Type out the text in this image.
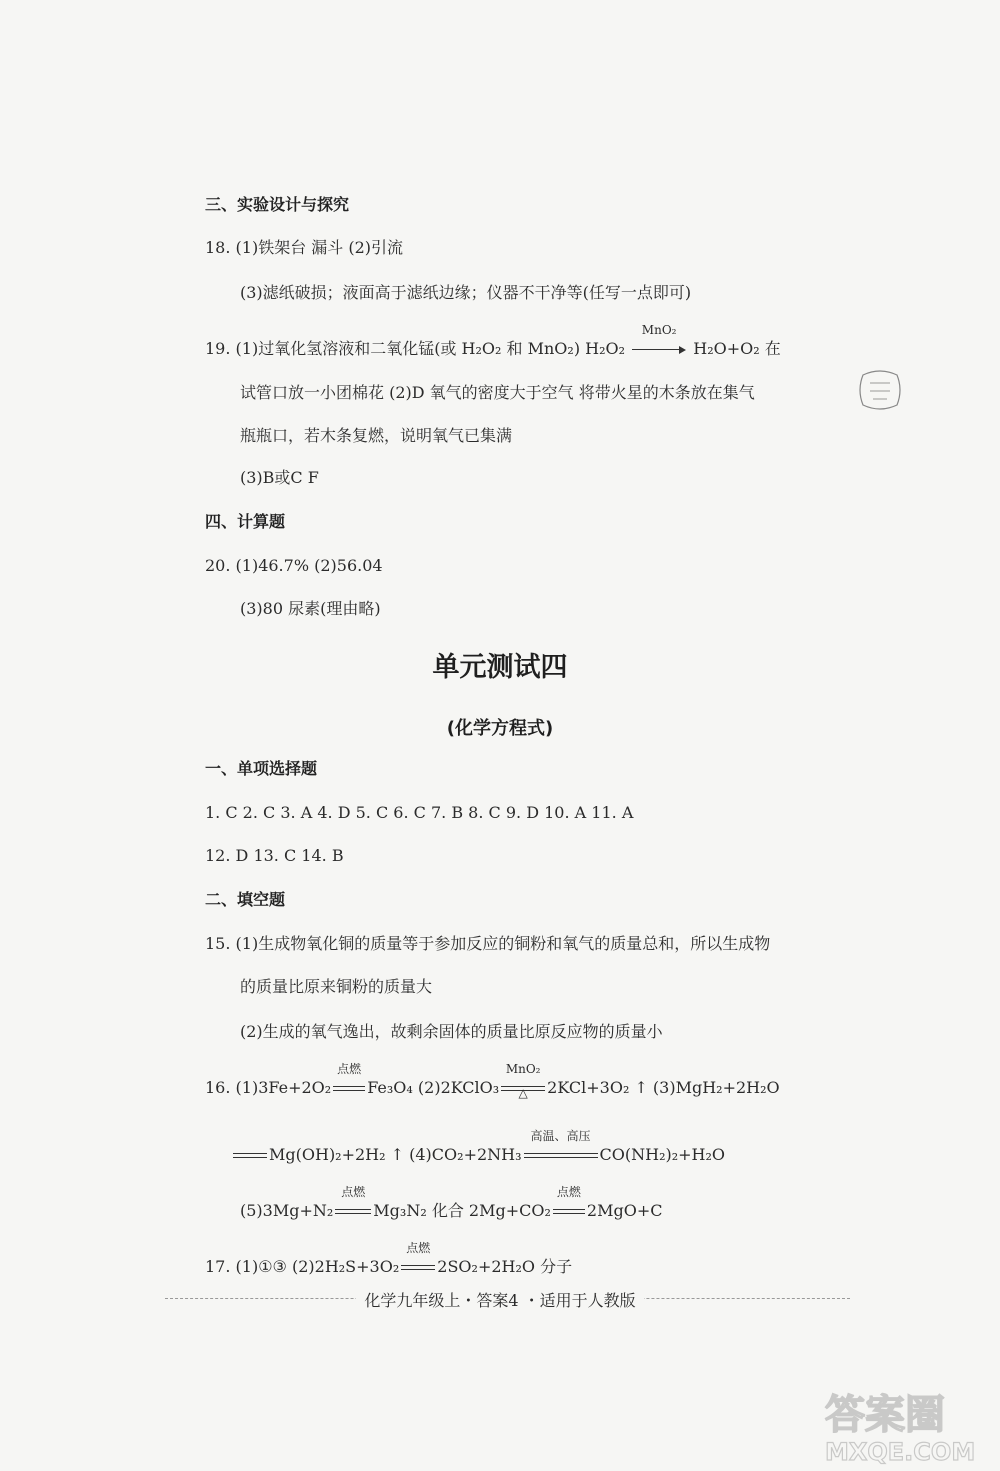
三、实验设计与探究
18. (1)铁架台 漏斗 (2)引流
(3)滤纸破损；液面高于滤纸边缘；仪器不干净等(任写一点即可)
19. (1)过氧化氢溶液和二氧化锰(或 H₂O₂ 和 MnO₂) H₂O₂
MnO₂
H₂O+O₂ 在
试管口放一小团棉花 (2)D 氧气的密度大于空气 将带火星的木条放在集气
瓶瓶口，若木条复燃，说明氧气已集满
(3)B或C F
四、计算题
20. (1)46.7% (2)56.04
(3)80 尿素(理由略)
单元测试四
(化学方程式)
一、单项选择题
1. C 2. C 3. A 4. D 5. C 6. C 7. B 8. C 9. D 10. A 11. A
12. D 13. C 14. B
二、填空题
15. (1)生成物氧化铜的质量等于参加反应的铜粉和氧气的质量总和，所以生成物
的质量比原来铜粉的质量大
(2)生成的氧气逸出，故剩余固体的质量比原反应物的质量小
16. (1)3Fe+2O₂
点燃
Fe₃O₄ (2)2KClO₃
MnO₂
△	2KCl+3O₂ ↑ (3)MgH₂+2H₂O
Mg(OH)₂+2H₂ ↑ (4)CO₂+2NH₃
高温、高压
CO(NH₂)₂+H₂O
(5)3Mg+N₂
点燃
Mg₃N₂ 化合 2Mg+CO₂
点燃
2MgO+C
17. (1)①③ (2)2H₂S+3O₂
点燃
2SO₂+2H₂O 分子
化学九年级上・答案4 ・适用于人教版
答案圈
MXQE.COM
